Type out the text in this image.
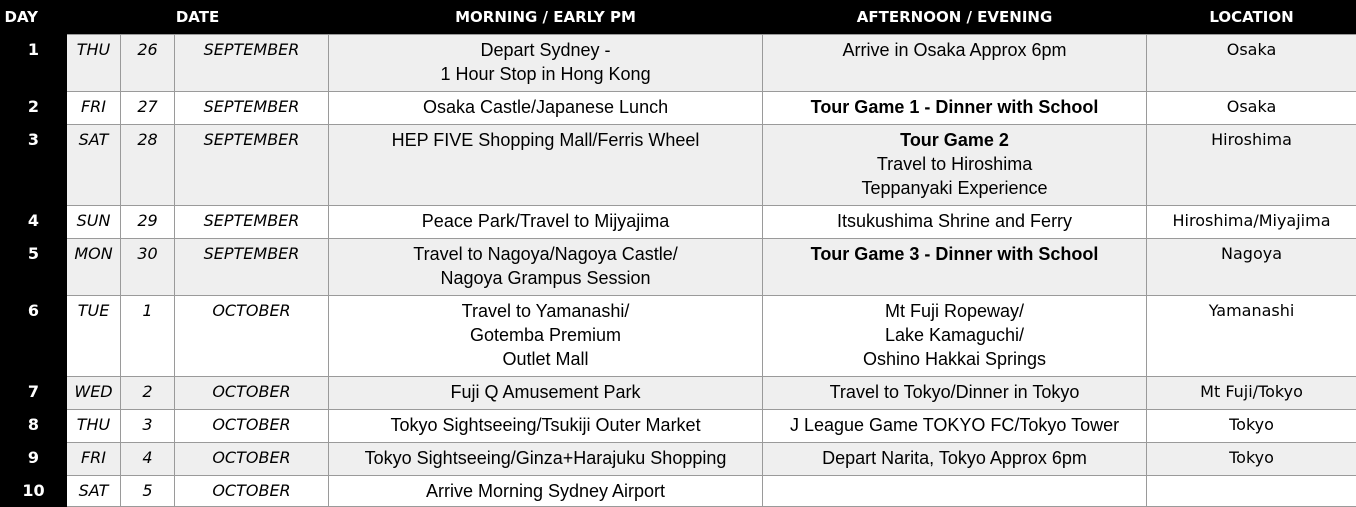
DAY	DATE			MORNING / EARLY PM	AFTERNOON / EVENING	LOCATION
1	THU	26	SEPTEMBER	Depart Sydney -
1 Hour Stop in Hong Kong	Arrive in Osaka Approx 6pm	Osaka
2	FRI	27	SEPTEMBER	Osaka Castle/Japanese Lunch	Tour Game 1 - Dinner with School	Osaka
3	SAT	28	SEPTEMBER	HEP FIVE Shopping Mall/Ferris Wheel	Tour Game 2
Travel to Hiroshima
Teppanyaki Experience	Hiroshima
4	SUN	29	SEPTEMBER	Peace Park/Travel to Mijyajima	Itsukushima Shrine and Ferry	Hiroshima/Miyajima
5	MON	30	SEPTEMBER	Travel to Nagoya/Nagoya Castle/
Nagoya Grampus Session	Tour Game 3 - Dinner with School	Nagoya
6	TUE	1	OCTOBER	Travel to Yamanashi/
Gotemba Premium
Outlet Mall	Mt Fuji Ropeway/
Lake Kamaguchi/
Oshino Hakkai Springs	Yamanashi
7	WED	2	OCTOBER	Fuji Q Amusement Park	Travel to Tokyo/Dinner in Tokyo	Mt Fuji/Tokyo
8	THU	3	OCTOBER	Tokyo Sightseeing/Tsukiji Outer Market	J League Game TOKYO FC/Tokyo Tower	Tokyo
9	FRI	4	OCTOBER	Tokyo Sightseeing/Ginza+Harajuku Shopping	Depart Narita, Tokyo Approx 6pm	Tokyo
10	SAT	5	OCTOBER	Arrive Morning Sydney Airport		
